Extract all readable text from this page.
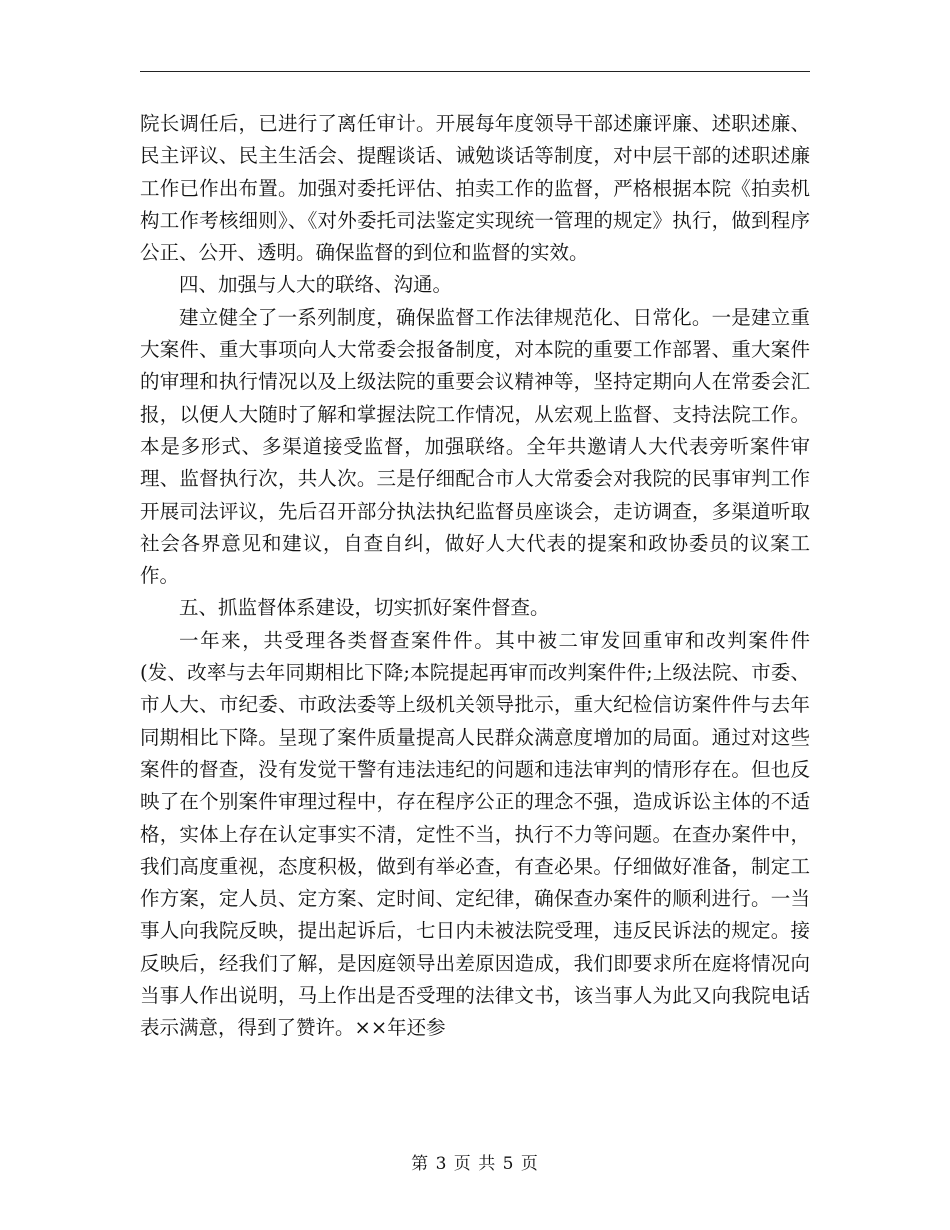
院长调任后，已进行了离任审计。开展每年度领导干部述廉评廉、述职述廉、民主评议、民主生活会、提醒谈话、诫勉谈话等制度，对中层干部的述职述廉工作已作出布置。加强对委托评估、拍卖工作的监督，严格根据本院《拍卖机构工作考核细则》、《对外委托司法鉴定实现统一管理的规定》执行，做到程序公正、公开、透明。确保监督的到位和监督的实效。

四、加强与人大的联络、沟通。

建立健全了一系列制度，确保监督工作法律规范化、日常化。一是建立重大案件、重大事项向人大常委会报备制度，对本院的重要工作部署、重大案件的审理和执行情况以及上级法院的重要会议精神等，坚持定期向人在常委会汇报，以便人大随时了解和掌握法院工作情况，从宏观上监督、支持法院工作。本是多形式、多渠道接受监督，加强联络。全年共邀请人大代表旁听案件审理、监督执行次，共人次。三是仔细配合市人大常委会对我院的民事审判工作开展司法评议，先后召开部分执法执纪监督员座谈会，走访调查，多渠道听取社会各界意见和建议，自查自纠，做好人大代表的提案和政协委员的议案工作。

五、抓监督体系建设，切实抓好案件督查。

一年来，共受理各类督查案件件。其中被二审发回重审和改判案件件(发、改率与去年同期相比下降;本院提起再审而改判案件件;上级法院、市委、市人大、市纪委、市政法委等上级机关领导批示，重大纪检信访案件件与去年同期相比下降。呈现了案件质量提高人民群众满意度增加的局面。通过对这些案件的督查，没有发觉干警有违法违纪的问题和违法审判的情形存在。但也反映了在个别案件审理过程中，存在程序公正的理念不强，造成诉讼主体的不适格，实体上存在认定事实不清，定性不当，执行不力等问题。在查办案件中，我们高度重视，态度积极，做到有举必查，有查必果。仔细做好准备，制定工作方案，定人员、定方案、定时间、定纪律，确保查办案件的顺利进行。一当事人向我院反映，提出起诉后，七日内未被法院受理，违反民诉法的规定。接反映后，经我们了解，是因庭领导出差原因造成，我们即要求所在庭将情况向当事人作出说明，马上作出是否受理的法律文书，该当事人为此又向我院电话表示满意，得到了赞许。××年还参

第 3 页 共 5 页
